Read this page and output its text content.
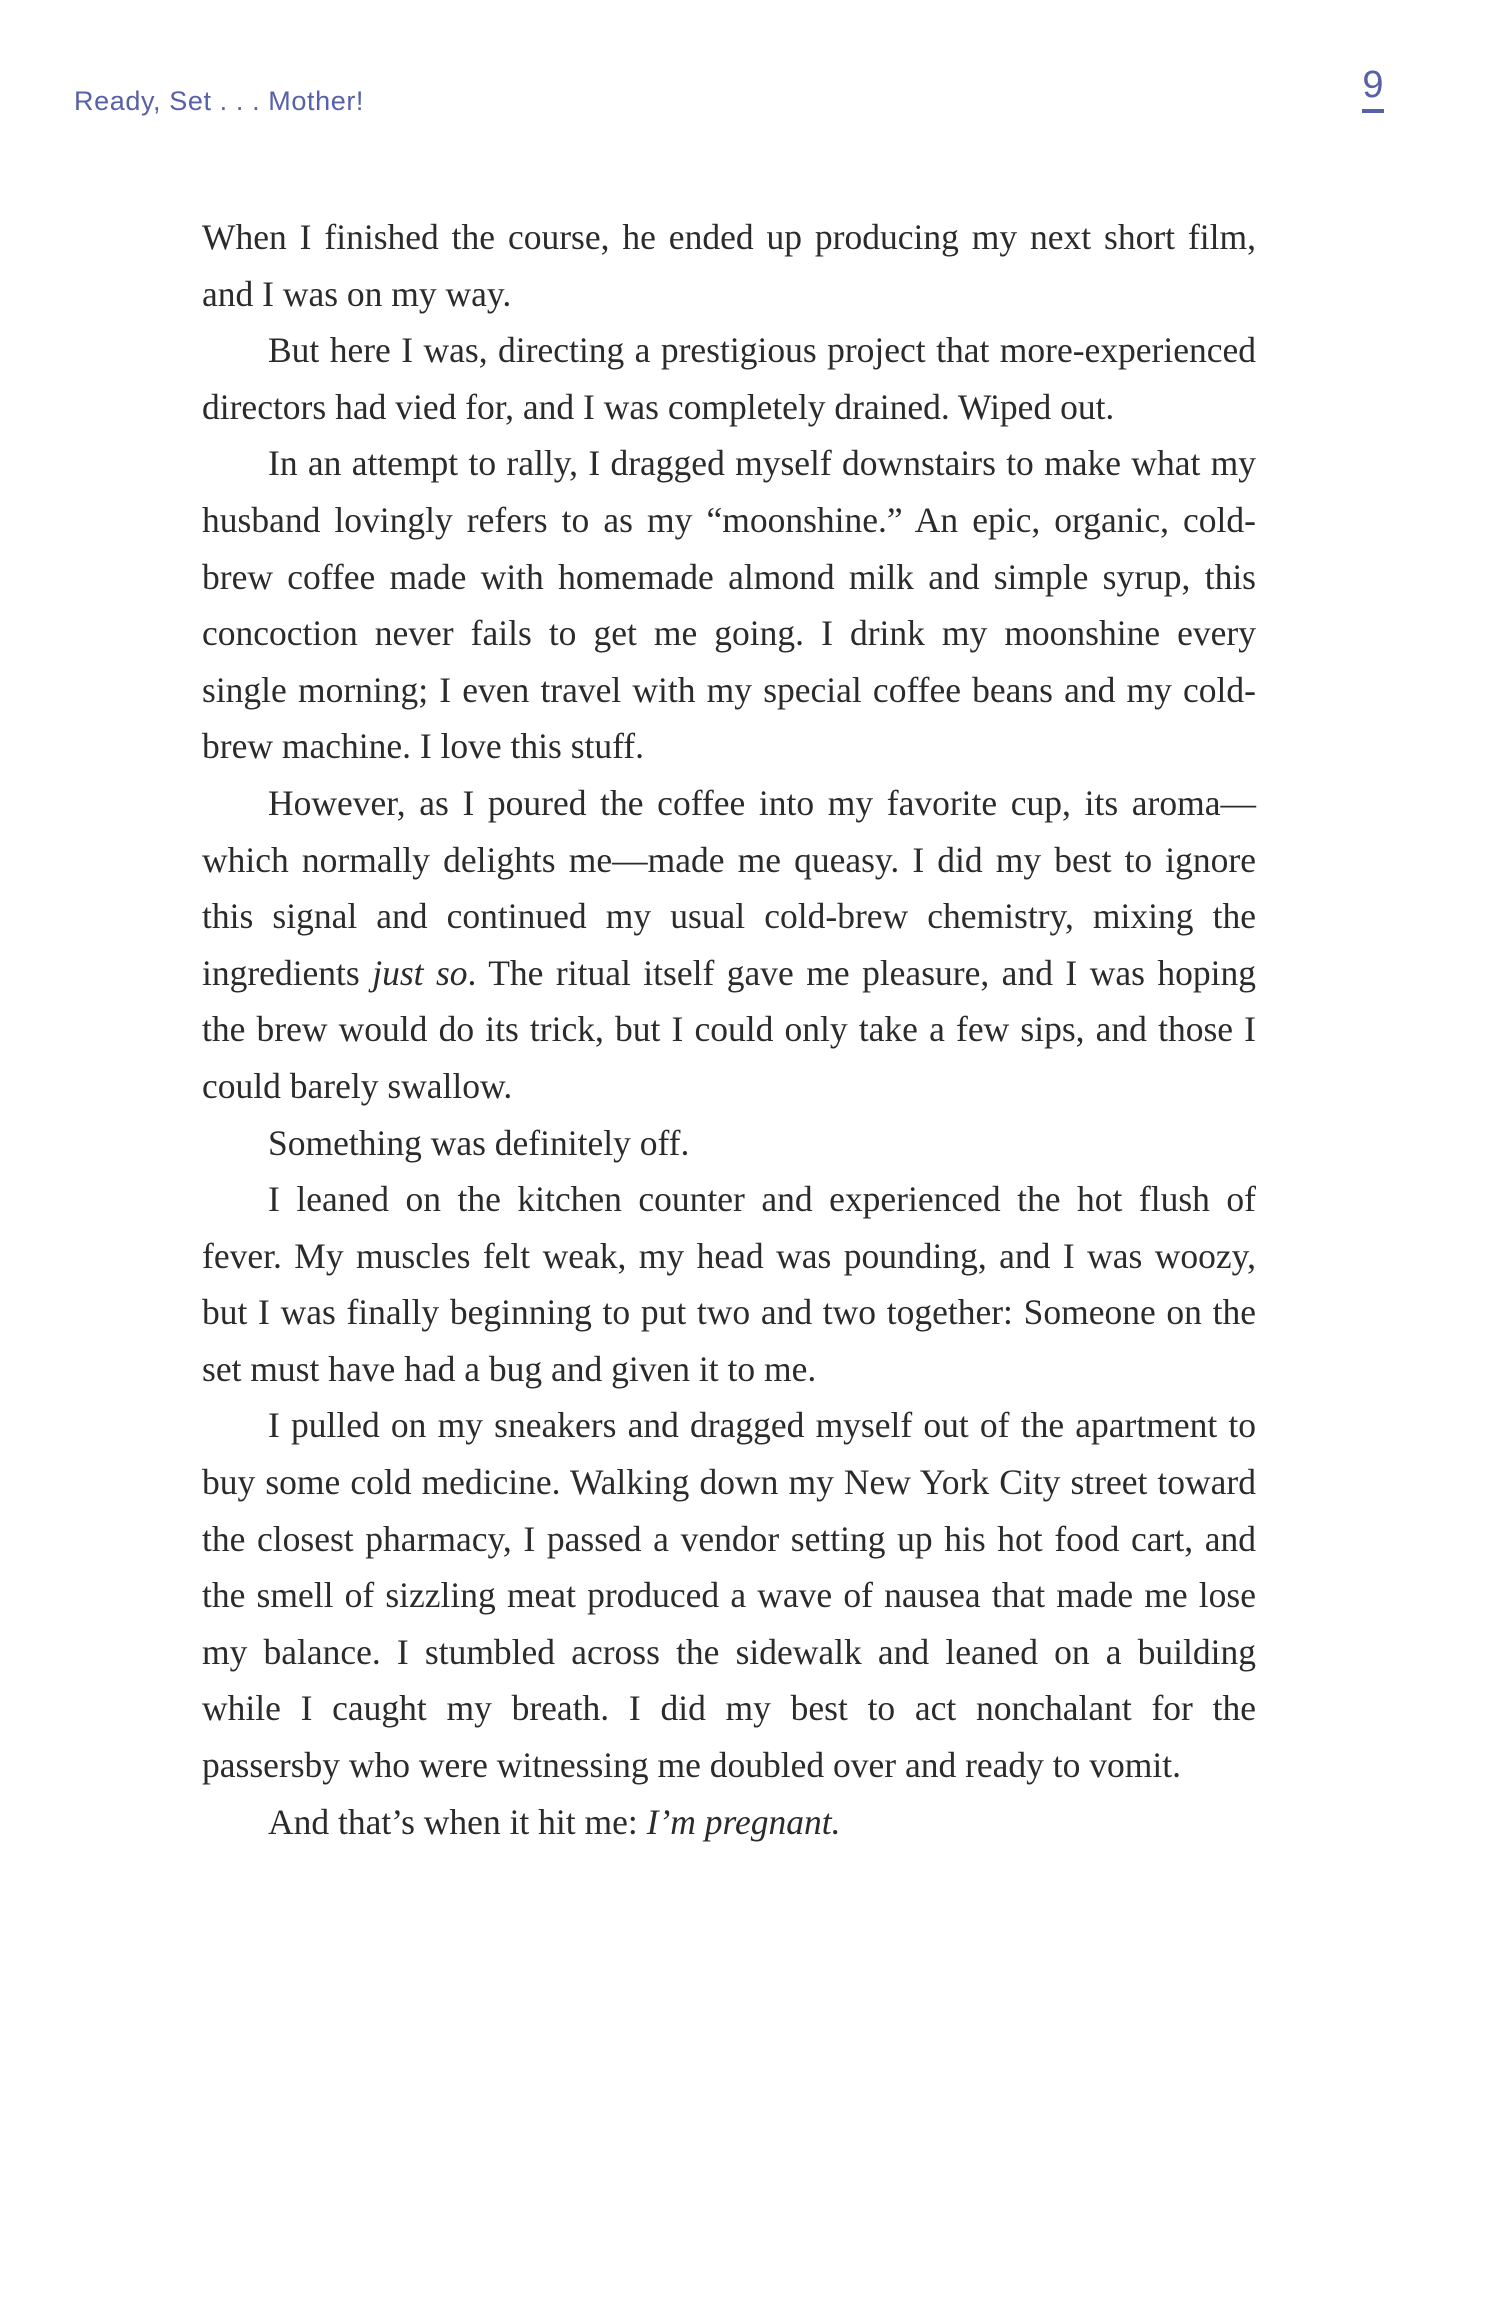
Ready, Set . . . Mother!	9

When I finished the course, he ended up producing my next short film, and I was on my way.

But here I was, directing a prestigious project that more-experienced directors had vied for, and I was completely drained. Wiped out.

In an attempt to rally, I dragged myself downstairs to make what my husband lovingly refers to as my “moonshine.” An epic, organic, cold-brew coffee made with homemade almond milk and simple syrup, this concoction never fails to get me going. I drink my moonshine every single morning; I even travel with my special coffee beans and my cold-brew machine. I love this stuff.

However, as I poured the coffee into my favorite cup, its aroma—which normally delights me—made me queasy. I did my best to ignore this signal and continued my usual cold-brew chemistry, mixing the ingredients just so. The ritual itself gave me pleasure, and I was hoping the brew would do its trick, but I could only take a few sips, and those I could barely swallow.

Something was definitely off.

I leaned on the kitchen counter and experienced the hot flush of fever. My muscles felt weak, my head was pounding, and I was woozy, but I was finally beginning to put two and two together: Someone on the set must have had a bug and given it to me.

I pulled on my sneakers and dragged myself out of the apartment to buy some cold medicine. Walking down my New York City street toward the closest pharmacy, I passed a vendor setting up his hot food cart, and the smell of sizzling meat produced a wave of nausea that made me lose my balance. I stumbled across the sidewalk and leaned on a building while I caught my breath. I did my best to act nonchalant for the passersby who were witnessing me doubled over and ready to vomit.

And that’s when it hit me: I’m pregnant.
